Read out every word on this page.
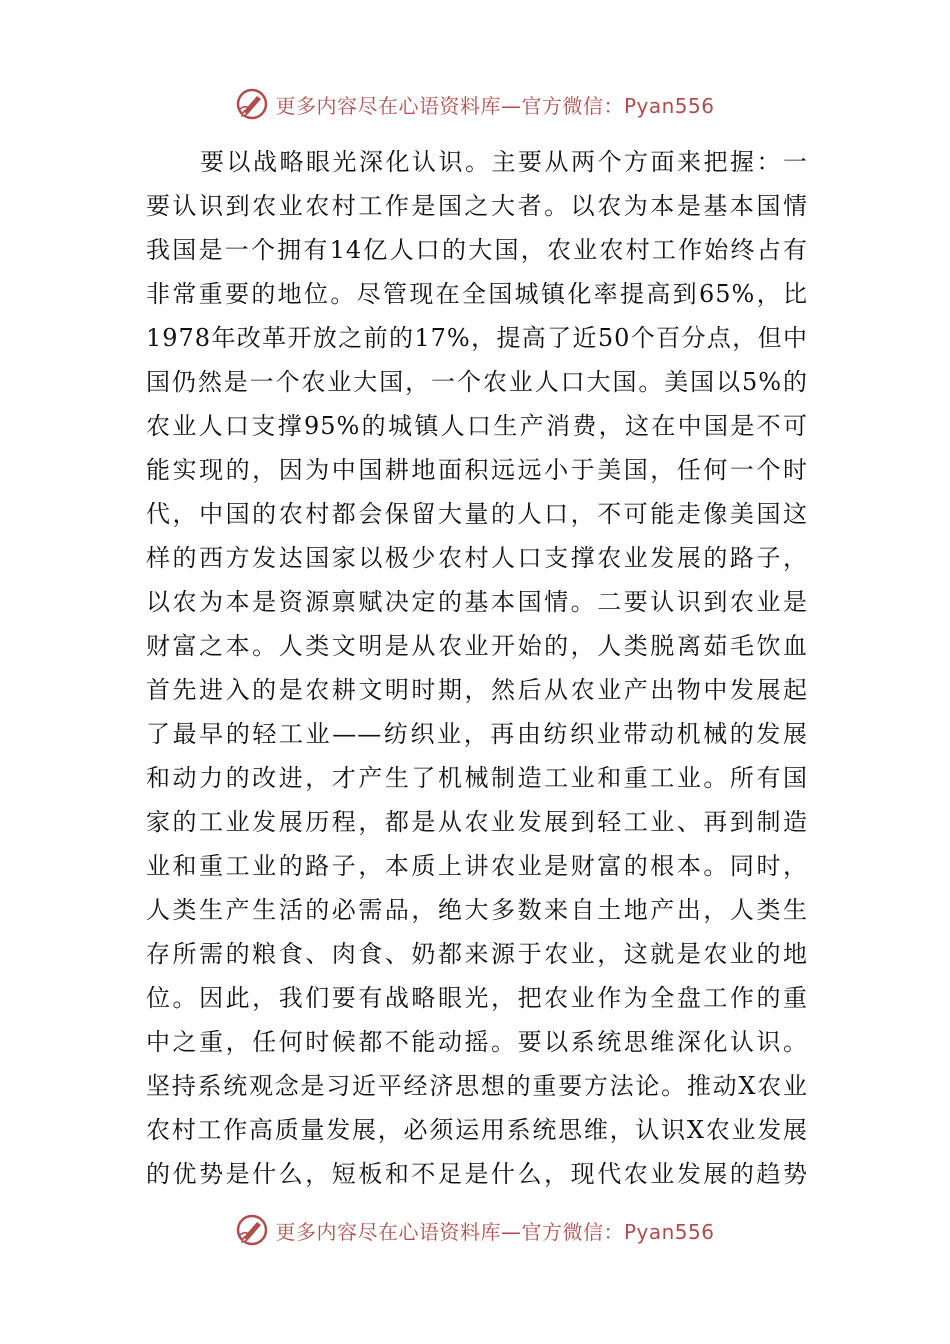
更多内容尽在心语资料库—官方微信：Pyan556
要以战略眼光深化认识。主要从两个方面来把握：一
要认识到农业农村工作是国之大者。以农为本是基本国情
我国是一个拥有14亿人口的大国，农业农村工作始终占有
非常重要的地位。尽管现在全国城镇化率提高到65%，比
1978年改革开放之前的17%，提高了近50个百分点，但中
国仍然是一个农业大国，一个农业人口大国。美国以5%的
农业人口支撑95%的城镇人口生产消费，这在中国是不可
能实现的，因为中国耕地面积远远小于美国，任何一个时
代，中国的农村都会保留大量的人口，不可能走像美国这
样的西方发达国家以极少农村人口支撑农业发展的路子，
以农为本是资源禀赋决定的基本国情。二要认识到农业是
财富之本。人类文明是从农业开始的，人类脱离茹毛饮血
首先进入的是农耕文明时期，然后从农业产出物中发展起
了最早的轻工业——纺织业，再由纺织业带动机械的发展
和动力的改进，才产生了机械制造工业和重工业。所有国
家的工业发展历程，都是从农业发展到轻工业、再到制造
业和重工业的路子，本质上讲农业是财富的根本。同时，
人类生产生活的必需品，绝大多数来自土地产出，人类生
存所需的粮食、肉食、奶都来源于农业，这就是农业的地
位。因此，我们要有战略眼光，把农业作为全盘工作的重
中之重，任何时候都不能动摇。要以系统思维深化认识。
坚持系统观念是习近平经济思想的重要方法论。推动X农业
农村工作高质量发展，必须运用系统思维，认识X农业发展
的优势是什么，短板和不足是什么，现代农业发展的趋势
更多内容尽在心语资料库—官方微信：Pyan556
